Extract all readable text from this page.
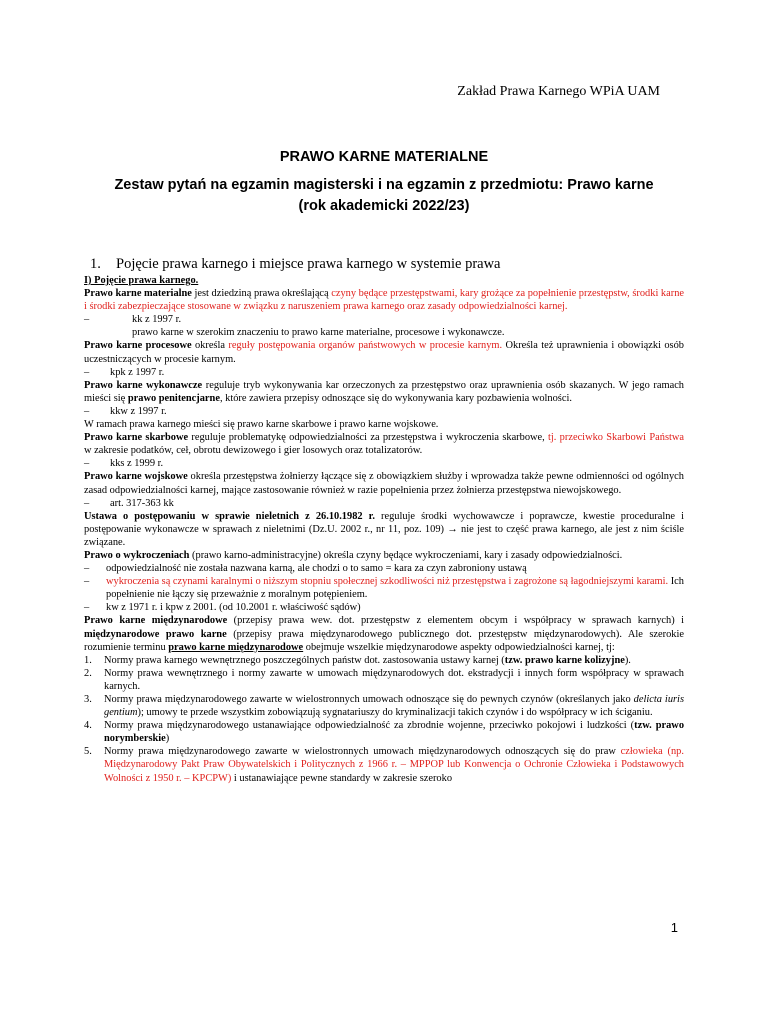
Zakład Prawa Karnego WPiA UAM
PRAWO KARNE MATERIALNE
Zestaw pytań na egzamin magisterski i na egzamin z przedmiotu: Prawo karne (rok akademicki 2022/23)
1. Pojęcie prawa karnego i miejsce prawa karnego w systemie prawa

I) Pojęcie prawa karnego.

Prawo karne materialne jest dziedziną prawa określającą czyny będące przestępstwami, kary grożące za popełnienie przestępstw, środki karne i środki zabezpieczające stosowane w związku z naruszeniem prawa karnego oraz zasady odpowiedzialności karnej.

–	kk z 1997 r.

prawo karne w szerokim znaczeniu to prawo karne materialne, procesowe i wykonawcze.

Prawo karne procesowe określa reguły postępowania organów państwowych w procesie karnym. Określa też uprawnienia i obowiązki osób uczestniczących w procesie karnym.

–	kpk z 1997 r.

Prawo karne wykonawcze reguluje tryb wykonywania kar orzeczonych za przestępstwo oraz uprawnienia osób skazanych. W jego ramach mieści się prawo penitencjarne, które zawiera przepisy odnoszące się do wykonywania kary pozbawienia wolności.

–	kkw z 1997 r.

W ramach prawa karnego mieści się prawo karne skarbowe i prawo karne wojskowe.

Prawo karne skarbowe reguluje problematykę odpowiedzialności za przestępstwa i wykroczenia skarbowe, tj. przeciwko Skarbowi Państwa w zakresie podatków, ceł, obrotu dewizowego i gier losowych oraz totalizatorów.

–	kks z 1999 r.

Prawo karne wojskowe określa przestępstwa żołnierzy łączące się z obowiązkiem służby i wprowadza także pewne odmienności od ogólnych zasad odpowiedzialności karnej, mające zastosowanie również w razie popełnienia przez żołnierza przestępstwa niewojskowego.

–	art. 317-363 kk

Ustawa o postępowaniu w sprawie nieletnich z 26.10.1982 r. reguluje środki wychowawcze i poprawcze, kwestie proceduralne i postępowanie wykonawcze w sprawach z nieletnimi (Dz.U. 2002 r., nr 11, poz. 109) → nie jest to część prawa karnego, ale jest z nim ściśle związane.

Prawo o wykroczeniach (prawo karno-administracyjne) określa czyny będące wykroczeniami, kary i zasady odpowiedzialności.

–	odpowiedzialność nie została nazwana karną, ale chodzi o to samo = kara za czyn zabroniony ustawą
–	wykroczenia są czynami karalnymi o niższym stopniu społecznej szkodliwości niż przestępstwa i zagrożone są łagodniejszymi karami. Ich popełnienie nie łączy się przeważnie z moralnym potępieniem.
–	kw z 1971 r. i kpw z 2001. (od 10.2001 r. właściwość sądów)

Prawo karne międzynarodowe (przepisy prawa wew. dot. przestępstw z elementem obcym i współpracy w sprawach karnych) i międzynarodowe prawo karne (przepisy prawa międzynarodowego publicznego dot. przestępstw międzynarodowych). Ale szerokie rozumienie terminu prawo karne międzynarodowe obejmuje wszelkie międzynarodowe aspekty odpowiedzialności karnej, tj:

1.	Normy prawa karnego wewnętrznego poszczególnych państw dot. zastosowania ustawy karnej (tzw. prawo karne kolizyjne).
2.	Normy prawa wewnętrznego i normy zawarte w umowach międzynarodowych dot. ekstradycji i innych form współpracy w sprawach karnych.
3.	Normy prawa międzynarodowego zawarte w wielostronnych umowach odnoszące się do pewnych czynów (określanych jako delicta iuris gentium); umowy te przede wszystkim zobowiązują sygnatariuszy do kryminalizacji takich czynów i do współpracy w ich ściganiu.
4.	Normy prawa międzynarodowego ustanawiające odpowiedzialność za zbrodnie wojenne, przeciwko pokojowi i ludzkości (tzw. prawo norymberskie)
5.	Normy prawa międzynarodowego zawarte w wielostronnych umowach międzynarodowych odnoszących się do praw człowieka (np. Międzynarodowy Pakt Praw Obywatelskich i Politycznych z 1966 r. – MPPOP lub Konwencja o Ochronie Człowieka i Podstawowych Wolności z 1950 r. – KPCPW) i ustanawiające pewne standardy w zakresie szeroko
1
